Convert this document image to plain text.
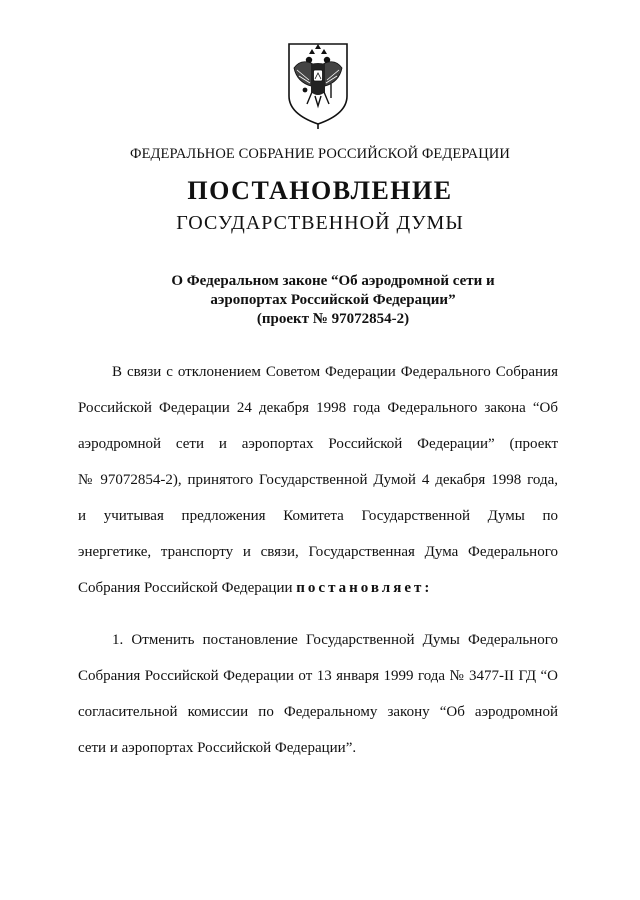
ФЕДЕРАЛЬНОЕ СОБРАНИЕ РОССИЙСКОЙ ФЕДЕРАЦИИ
ПОСТАНОВЛЕНИЕ
ГОСУДАРСТВЕННОЙ ДУМЫ
О Федеральном законе “Об аэродромной сети и
аэропортах Российской Федерации”
(проект № 97072854-2)
В связи с отклонением Советом Федерации Федерального Собрания
Российской Федерации 24 декабря 1998 года Федерального закона “Об
аэродромной сети и аэропортах Российской Федерации” (проект
№ 97072854-2), принятого Государственной Думой 4 декабря 1998 года,
и учитывая предложения Комитета Государственной Думы по
энергетике, транспорту и связи, Государственная Дума Федерального
Собрания Российской Федерации постановляет:
1. Отменить постановление Государственной Думы Федерального
Собрания Российской Федерации от 13 января 1999 года № 3477-II ГД “О
согласительной комиссии по Федеральному закону “Об аэродромной
сети и аэропортах Российской Федерации”.
